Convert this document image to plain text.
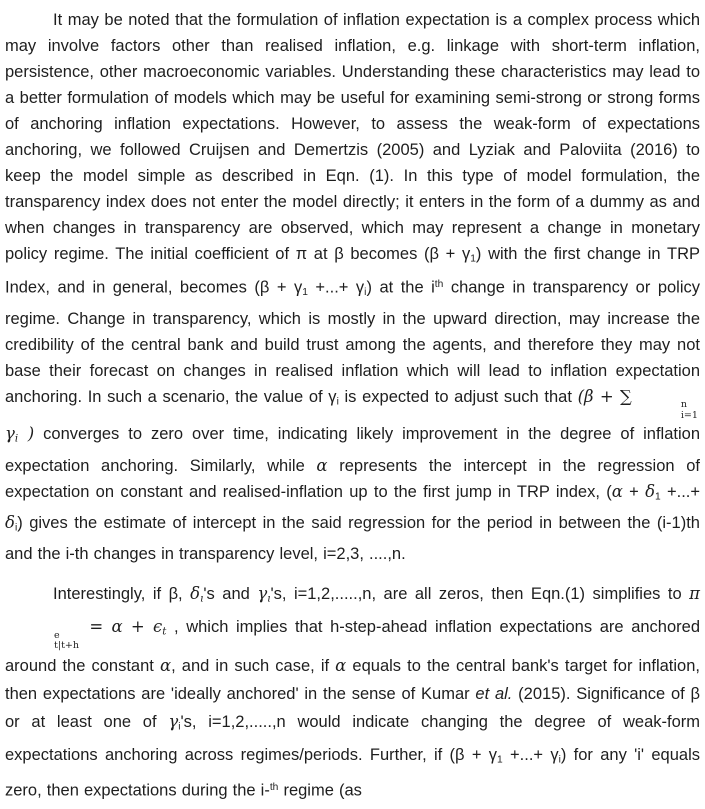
It may be noted that the formulation of inflation expectation is a complex process which may involve factors other than realised inflation, e.g. linkage with short-term inflation, persistence, other macroeconomic variables. Understanding these characteristics may lead to a better formulation of models which may be useful for examining semi-strong or strong forms of anchoring inflation expectations. However, to assess the weak-form of expectations anchoring, we followed Cruijsen and Demertzis (2005) and Lyziak and Paloviita (2016) to keep the model simple as described in Eqn. (1). In this type of model formulation, the transparency index does not enter the model directly; it enters in the form of a dummy as and when changes in transparency are observed, which may represent a change in monetary policy regime. The initial coefficient of π at β becomes (β + γ1) with the first change in TRP Index, and in general, becomes (β + γ1 +...+ γi) at the $i^{th}$ change in transparency or policy regime. Change in transparency, which is mostly in the upward direction, may increase the credibility of the central bank and build trust among the agents, and therefore they may not base their forecast on changes in realised inflation which will lead to inflation expectation anchoring. In such a scenario, the value of γi is expected to adjust such that (β + ∑	n
i=1
γi ) converges to zero over time, indicating likely improvement in the degree of inflation expectation anchoring. Similarly, while α represents the intercept in the regression of expectation on constant and realised-inflation up to the first jump in TRP index, (α + δ1 +...+ δi) gives the estimate of intercept in the said regression for the period in between the (i-1)th and the i-th changes in transparency level, i=2,3, ....,n.

Interestingly, if β, δı's and γı's, i=1,2,.....,n, are all zeros, then Eqn.(1) simplifies to π
e
t|t+h
= α + ϵt , which implies that h-step-ahead inflation expectations are anchored around the constant α, and in such case, if α equals to the central bank's target for inflation, then expectations are 'ideally anchored' in the sense of Kumar et al. (2015). Significance of β or at least one of γi's, i=1,2,.....,n would indicate changing the degree of weak-form expectations anchoring across regimes/periods. Further, if (β + γ1 +...+ γi) for any 'i' equals zero, then expectations during the i-$^{th}$ regime (as
